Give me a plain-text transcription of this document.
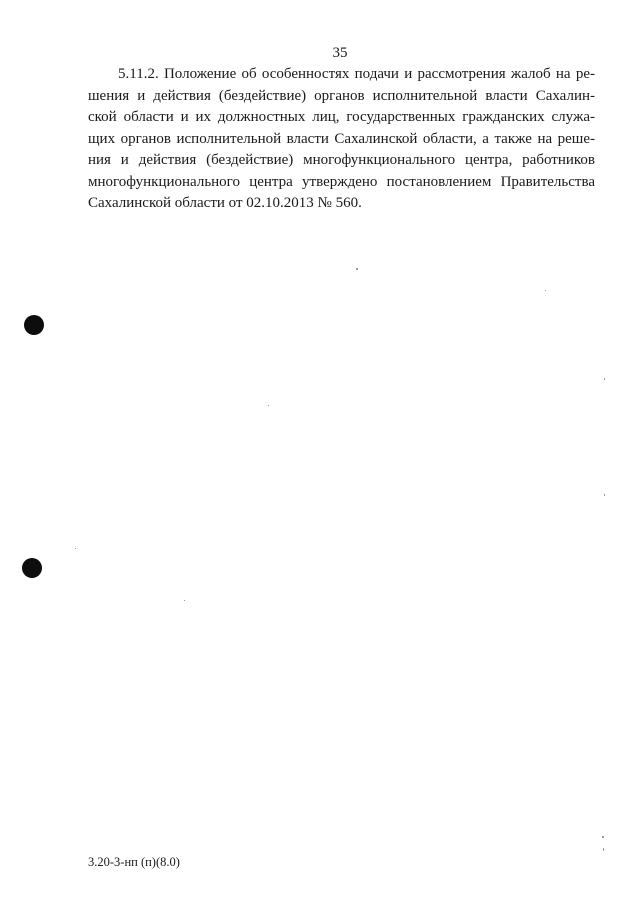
35
5.11.2. Положение об особенностях подачи и рассмотрения жалоб на ре-
шения и действия (бездействие) органов исполнительной власти Сахалин-
ской области и их должностных лиц, государственных гражданских служа-
щих органов исполнительной власти Сахалинской области, а также на реше-
ния и действия (бездействие) многофункционального центра, работников
многофункционального центра утверждено постановлением Правительства
Сахалинской области от 02.10.2013 № 560.
3.20-3-нп (п)(8.0)
